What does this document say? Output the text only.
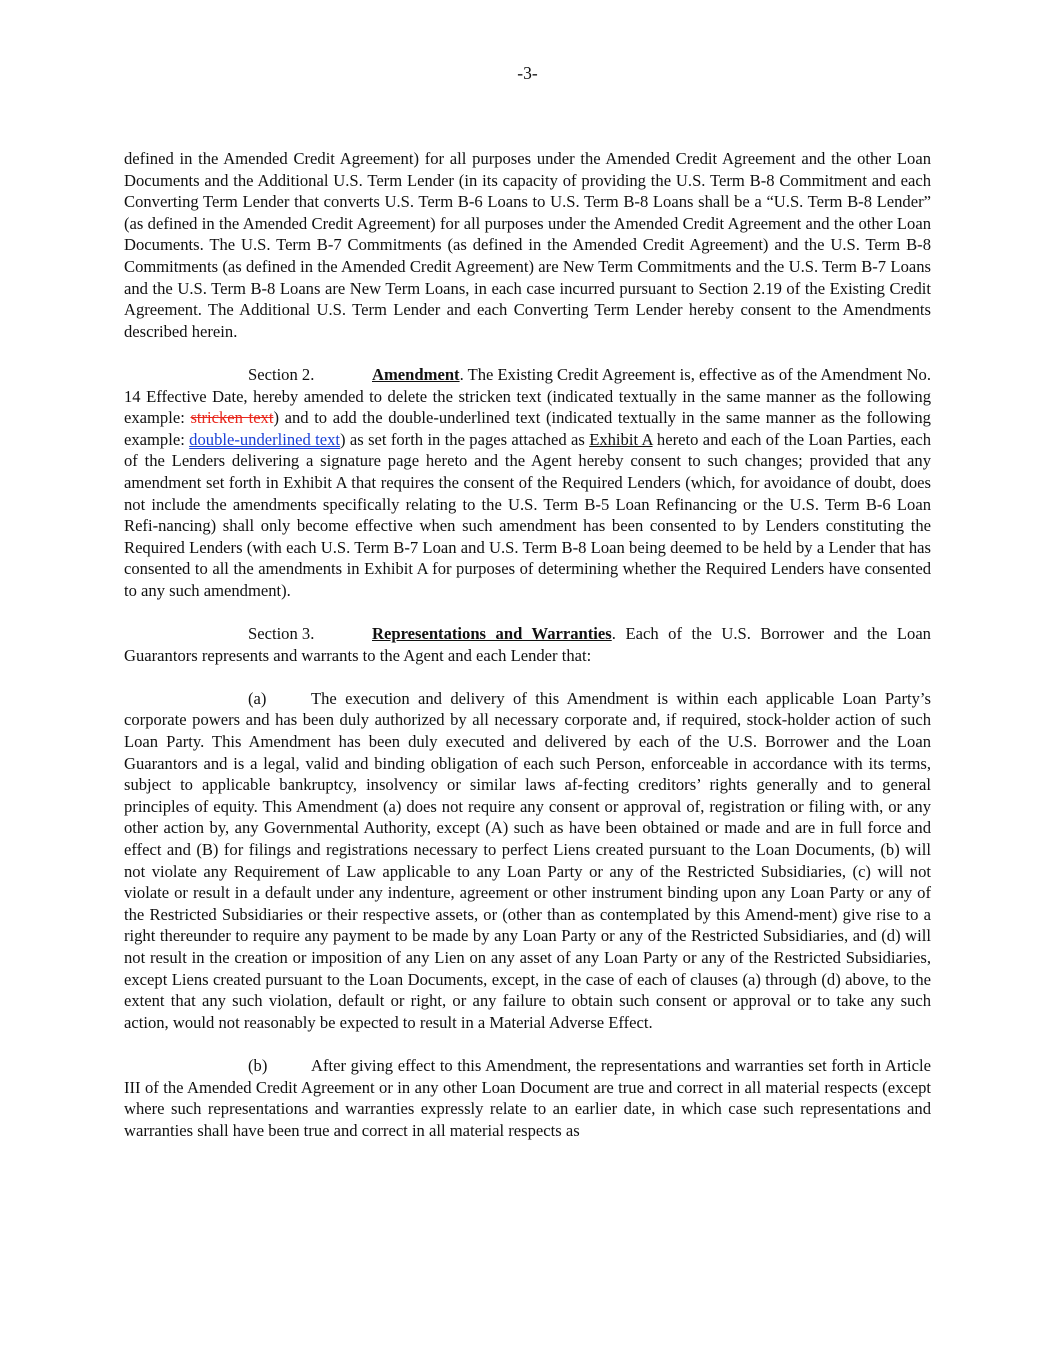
-3-

defined in the Amended Credit Agreement) for all purposes under the Amended Credit Agreement and the other Loan Documents and the Additional U.S. Term Lender (in its capacity of providing the U.S. Term B-8 Commitment and each Converting Term Lender that converts U.S. Term B-6 Loans to U.S. Term B-8 Loans shall be a “U.S. Term B-8 Lender” (as defined in the Amended Credit Agreement) for all purposes under the Amended Credit Agreement and the other Loan Documents. The U.S. Term B-7 Commitments (as defined in the Amended Credit Agreement) and the U.S. Term B-8 Commitments (as defined in the Amended Credit Agreement) are New Term Commitments and the U.S. Term B-7 Loans and the U.S. Term B-8 Loans are New Term Loans, in each case incurred pursuant to Section 2.19 of the Existing Credit Agreement. The Additional U.S. Term Lender and each Converting Term Lender hereby consent to the Amendments described herein.

Section 2.	Amendment. The Existing Credit Agreement is, effective as of the Amendment No. 14 Effective Date, hereby amended to delete the stricken text (indicated textually in the same manner as the following example: stricken text) and to add the double-underlined text (indicated textually in the same manner as the following example: double-underlined text) as set forth in the pages attached as Exhibit A hereto and each of the Loan Parties, each of the Lenders delivering a signature page hereto and the Agent hereby consent to such changes; provided that any amendment set forth in Exhibit A that requires the consent of the Required Lenders (which, for avoidance of doubt, does not include the amendments specifically relating to the U.S. Term B-5 Loan Refinancing or the U.S. Term B-6 Loan Refi-nancing) shall only become effective when such amendment has been consented to by Lenders constituting the Required Lenders (with each U.S. Term B-7 Loan and U.S. Term B-8 Loan being deemed to be held by a Lender that has consented to all the amendments in Exhibit A for purposes of determining whether the Required Lenders have consented to any such amendment).

Section 3.	Representations and Warranties. Each of the U.S. Borrower and the Loan Guarantors represents and warrants to the Agent and each Lender that:

(a)	The execution and delivery of this Amendment is within each applicable Loan Party’s corporate powers and has been duly authorized by all necessary corporate and, if required, stock-holder action of such Loan Party. This Amendment has been duly executed and delivered by each of the U.S. Borrower and the Loan Guarantors and is a legal, valid and binding obligation of each such Person, enforceable in accordance with its terms, subject to applicable bankruptcy, insolvency or similar laws af-fecting creditors’ rights generally and to general principles of equity. This Amendment (a) does not require any consent or approval of, registration or filing with, or any other action by, any Governmental Authority, except (A) such as have been obtained or made and are in full force and effect and (B) for filings and registrations necessary to perfect Liens created pursuant to the Loan Documents, (b) will not violate any Requirement of Law applicable to any Loan Party or any of the Restricted Subsidiaries, (c) will not violate or result in a default under any indenture, agreement or other instrument binding upon any Loan Party or any of the Restricted Subsidiaries or their respective assets, or (other than as contemplated by this Amend-ment) give rise to a right thereunder to require any payment to be made by any Loan Party or any of the Restricted Subsidiaries, and (d) will not result in the creation or imposition of any Lien on any asset of any Loan Party or any of the Restricted Subsidiaries, except Liens created pursuant to the Loan Documents, except, in the case of each of clauses (a) through (d) above, to the extent that any such violation, default or right, or any failure to obtain such consent or approval or to take any such action, would not reasonably be expected to result in a Material Adverse Effect.

(b)	After giving effect to this Amendment, the representations and warranties set forth in Article III of the Amended Credit Agreement or in any other Loan Document are true and correct in all material respects (except where such representations and warranties expressly relate to an earlier date, in which case such representations and warranties shall have been true and correct in all material respects as
